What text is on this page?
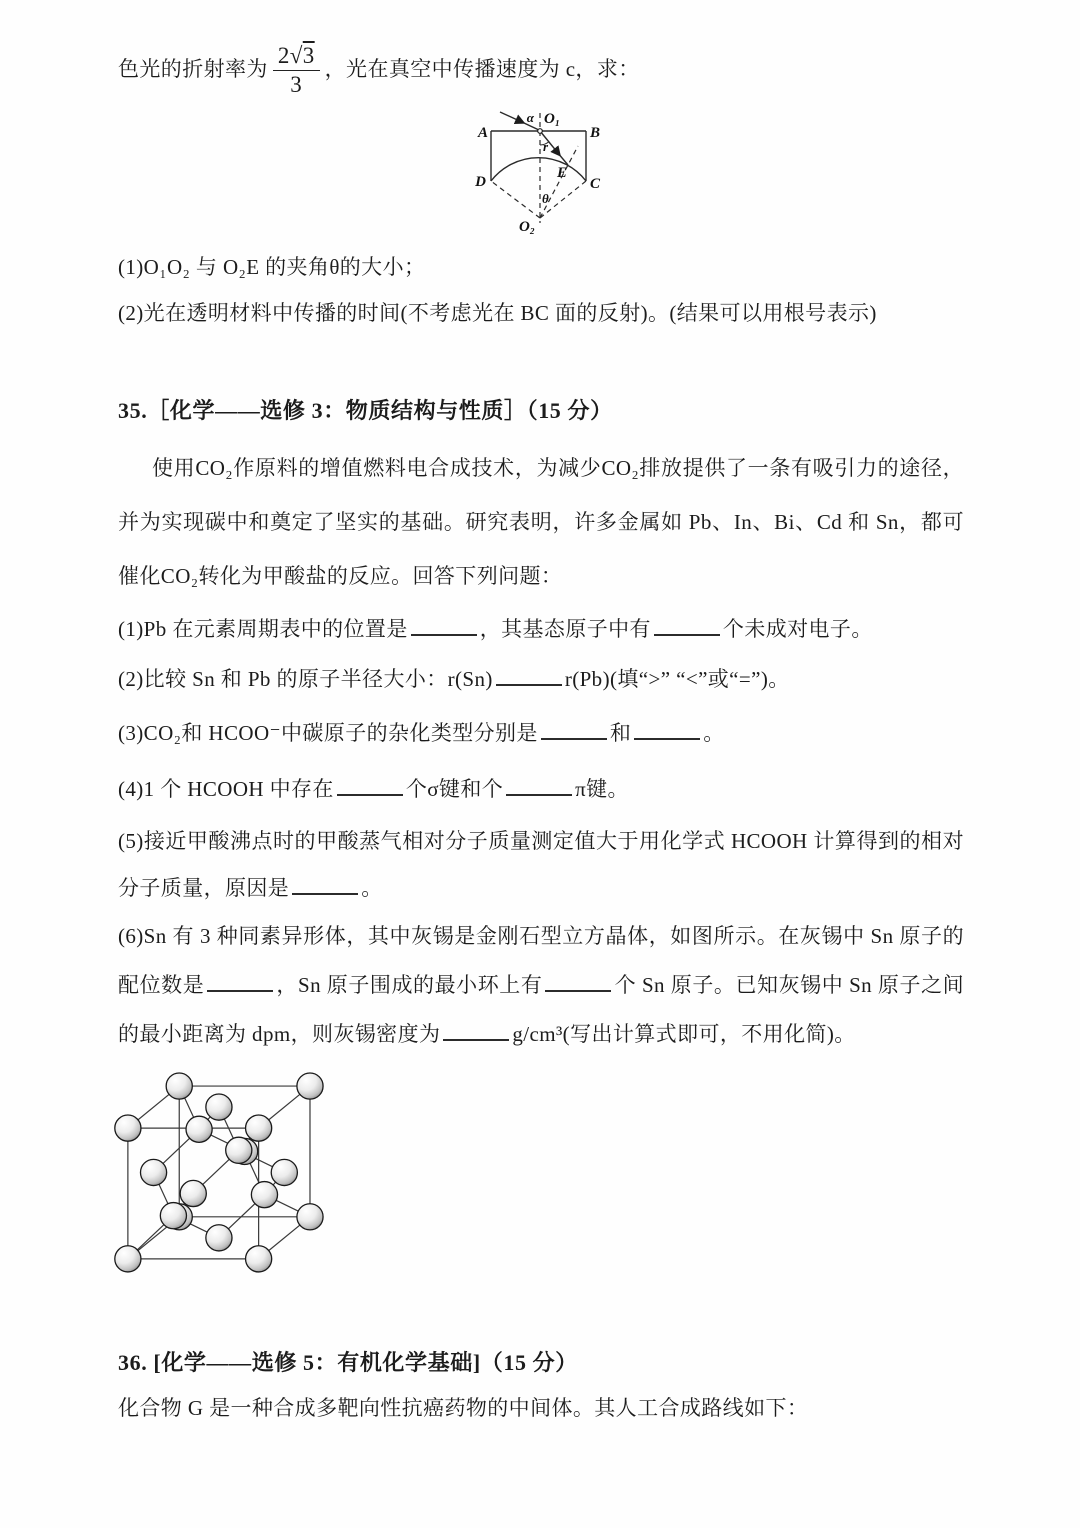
色光的折射率为 $\frac{2√3}{3}$ ，光在真空中传播速度为 c，求：
A	B
C
D
E
O₁
O₂
α
r
θ
(1)O₁O₂ 与 O₂E 的夹角θ的大小；
(2)光在透明材料中传播的时间(不考虑光在 BC 面的反射)。(结果可以用根号表示)
35.［化学——选修 3：物质结构与性质］（15 分）
使用CO₂作原料的增值燃料电合成技术，为减少CO₂排放提供了一条有吸引力的途径，并为实现碳中和奠定了坚实的基础。研究表明，许多金属如 Pb、In、Bi、Cd 和 Sn，都可催化CO₂转化为甲酸盐的反应。回答下列问题：
(1)Pb 在元素周期表中的位置是	，其基态原子中有	个未成对电子。
(2)比较 Sn 和 Pb 的原子半径大小：r(Sn)	r(Pb)(填“>” “<”或“=”)。
(3)CO₂和 HCOO⁻中碳原子的杂化类型分别是	和	。
(4)1 个 HCOOH 中存在	个σ键和个	π键。
(5)接近甲酸沸点时的甲酸蒸气相对分子质量测定值大于用化学式 HCOOH 计算得到的相对分子质量，原因是	。
(6)Sn 有 3 种同素异形体，其中灰锡是金刚石型立方晶体，如图所示。在灰锡中 Sn 原子的配位数是	，Sn 原子围成的最小环上有	个 Sn 原子。已知灰锡中 Sn 原子之间的最小距离为 dpm，则灰锡密度为	g/cm³(写出计算式即可，不用化简)。
36. [化学——选修 5：有机化学基础]（15 分）
化合物 G 是一种合成多靶向性抗癌药物的中间体。其人工合成路线如下：
